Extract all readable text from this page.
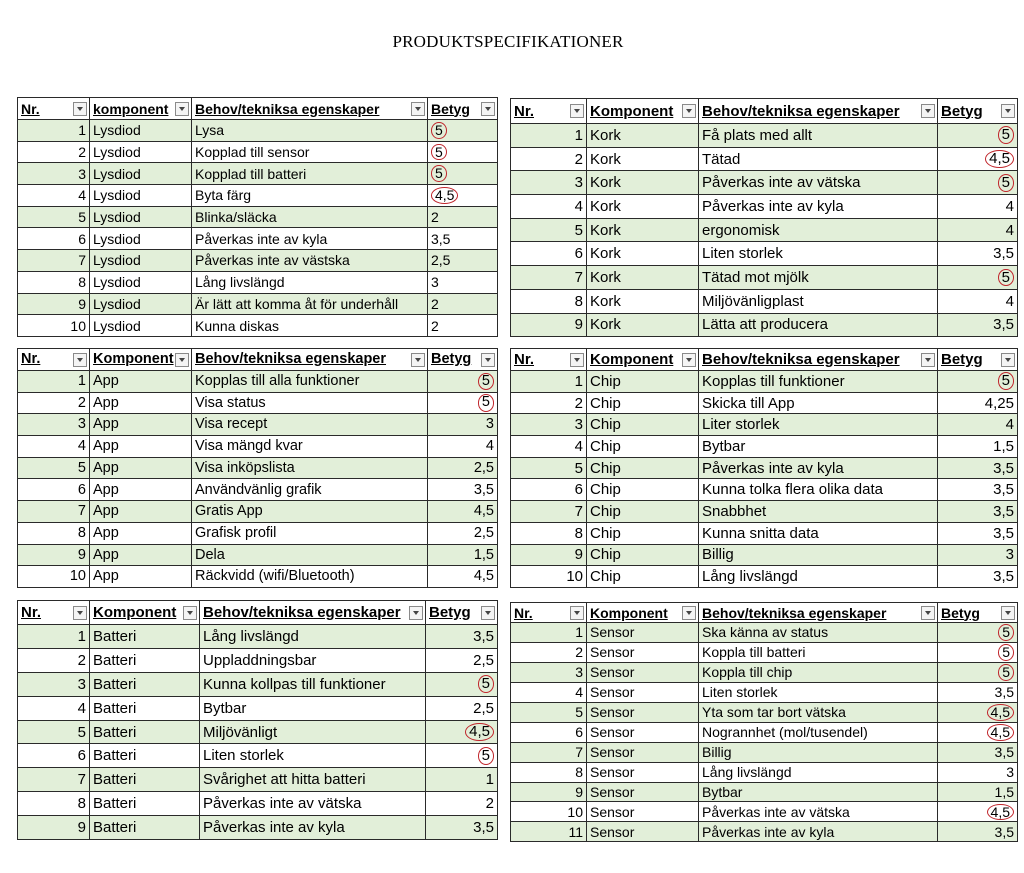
PRODUKTSPECIFIKATIONER
Nr.	komponent	Behov/tekniksa egenskaper	Betyg

1	Lysdiod	Lysa	5
2	Lysdiod	Kopplad till sensor	5
3	Lysdiod	Kopplad till batteri	5
4	Lysdiod	Byta färg	4,5
5	Lysdiod	Blinka/släcka	2
6	Lysdiod	Påverkas inte av kyla	3,5
7	Lysdiod	Påverkas inte av västska	2,5
8	Lysdiod	Lång livslängd	3
9	Lysdiod	Är lätt att komma åt för underhåll	2
10	Lysdiod	Kunna diskas	2
Nr.	Komponent	Behov/tekniksa egenskaper	Betyg

1	Kork	Få plats med allt	5
2	Kork	Tätad	4,5
3	Kork	Påverkas inte av vätska	5
4	Kork	Påverkas inte av kyla	4
5	Kork	ergonomisk	4
6	Kork	Liten storlek	3,5
7	Kork	Tätad mot mjölk	5
8	Kork	Miljövänligplast	4
9	Kork	Lätta att producera	3,5
Nr.	Komponent	Behov/tekniksa egenskaper	Betyg

1	App	Kopplas till alla funktioner	5
2	App	Visa status	5
3	App	Visa recept	3
4	App	Visa mängd kvar	4
5	App	Visa inköpslista	2,5
6	App	Användvänlig grafik	3,5
7	App	Gratis App	4,5
8	App	Grafisk profil	2,5
9	App	Dela	1,5
10	App	Räckvidd (wifi/Bluetooth)	4,5
Nr.	Komponent	Behov/tekniksa egenskaper	Betyg

1	Chip	Kopplas till funktioner	5
2	Chip	Skicka till App	4,25
3	Chip	Liter storlek	4
4	Chip	Bytbar	1,5
5	Chip	Påverkas inte av kyla	3,5
6	Chip	Kunna tolka flera olika data	3,5
7	Chip	Snabbhet	3,5
8	Chip	Kunna snitta data	3,5
9	Chip	Billig	3
10	Chip	Lång livslängd	3,5
Nr.	Komponent	Behov/tekniksa egenskaper	Betyg

1	Batteri	Lång livslängd	3,5
2	Batteri	Uppladdningsbar	2,5
3	Batteri	Kunna kollpas till funktioner	5
4	Batteri	Bytbar	2,5
5	Batteri	Miljövänligt	4,5
6	Batteri	Liten storlek	5
7	Batteri	Svårighet att hitta batteri	1
8	Batteri	Påverkas inte av vätska	2
9	Batteri	Påverkas inte av kyla	3,5
Nr.	Komponent	Behov/tekniksa egenskaper	Betyg

1	Sensor	Ska känna av status	5
2	Sensor	Koppla till batteri	5
3	Sensor	Koppla till chip	5
4	Sensor	Liten storlek	3,5
5	Sensor	Yta som tar bort vätska	4,5
6	Sensor	Nogrannhet (mol/tusendel)	4,5
7	Sensor	Billig	3,5
8	Sensor	Lång livslängd	3
9	Sensor	Bytbar	1,5
10	Sensor	Påverkas inte av vätska	4,5
11	Sensor	Påverkas inte av kyla	3,5
